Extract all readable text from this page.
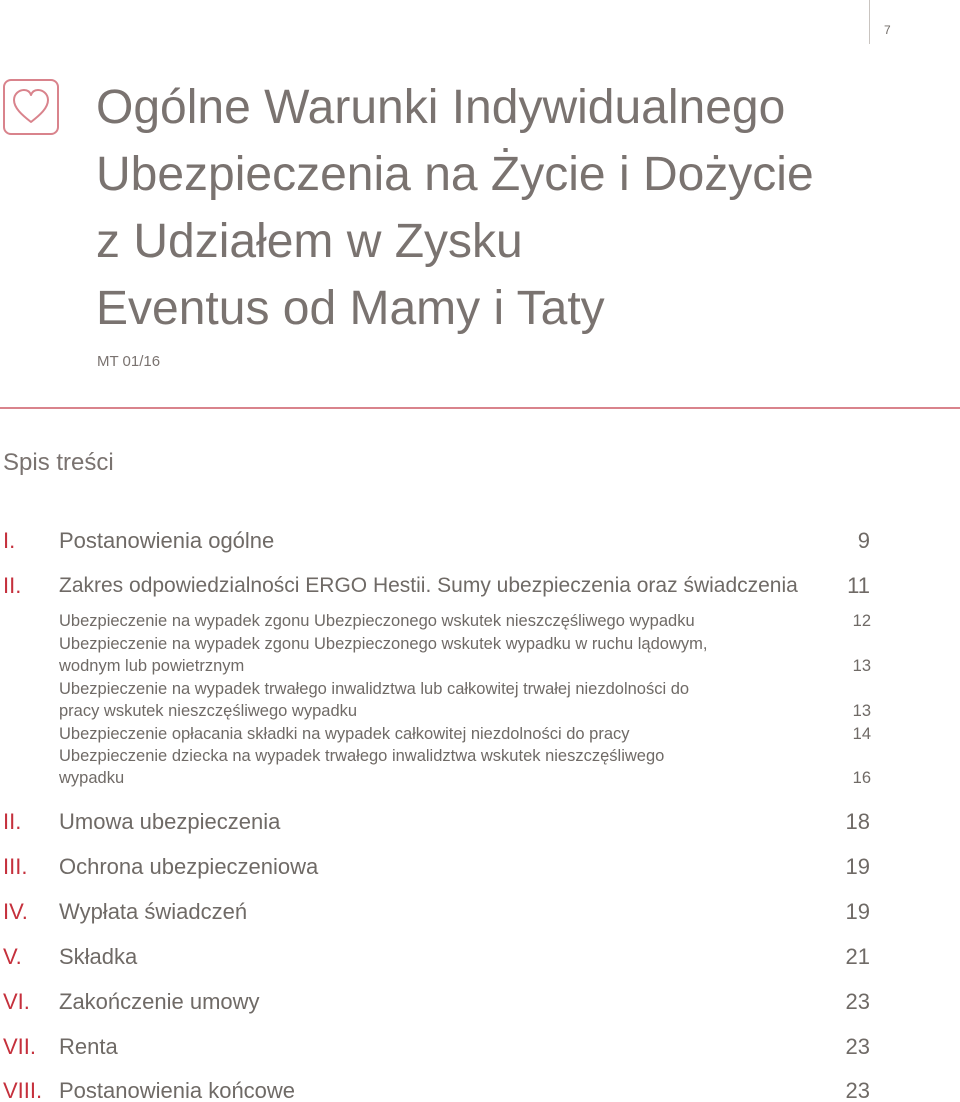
7
Ogólne Warunki Indywidualnego
Ubezpieczenia na Życie i Dożycie
z Udziałem w Zysku
Eventus od Mamy i Taty
MT 01/16
Spis treści
I. Postanowienia ogólne	9
II. Zakres odpowiedzialności ERGO Hestii. Sumy ubezpieczenia oraz świadczenia 11
Ubezpieczenie na wypadek zgonu Ubezpieczonego wskutek nieszczęśliwego wypadku	12
Ubezpieczenie na wypadek zgonu Ubezpieczonego wskutek wypadku w ruchu lądowym,
wodnym lub powietrznym	13
Ubezpieczenie na wypadek trwałego inwalidztwa lub całkowitej trwałej niezdolności do
pracy wskutek nieszczęśliwego wypadku	13
Ubezpieczenie opłacania składki na wypadek całkowitej niezdolności do pracy	14
Ubezpieczenie dziecka na wypadek trwałego inwalidztwa wskutek nieszczęśliwego
wypadku	16
II. Umowa ubezpieczenia	18
III. Ochrona ubezpieczeniowa	19
IV. Wypłata świadczeń	19
V. Składka	21
VI. Zakończenie umowy	23
VII. Renta	23
VIII. Postanowienia końcowe	23
